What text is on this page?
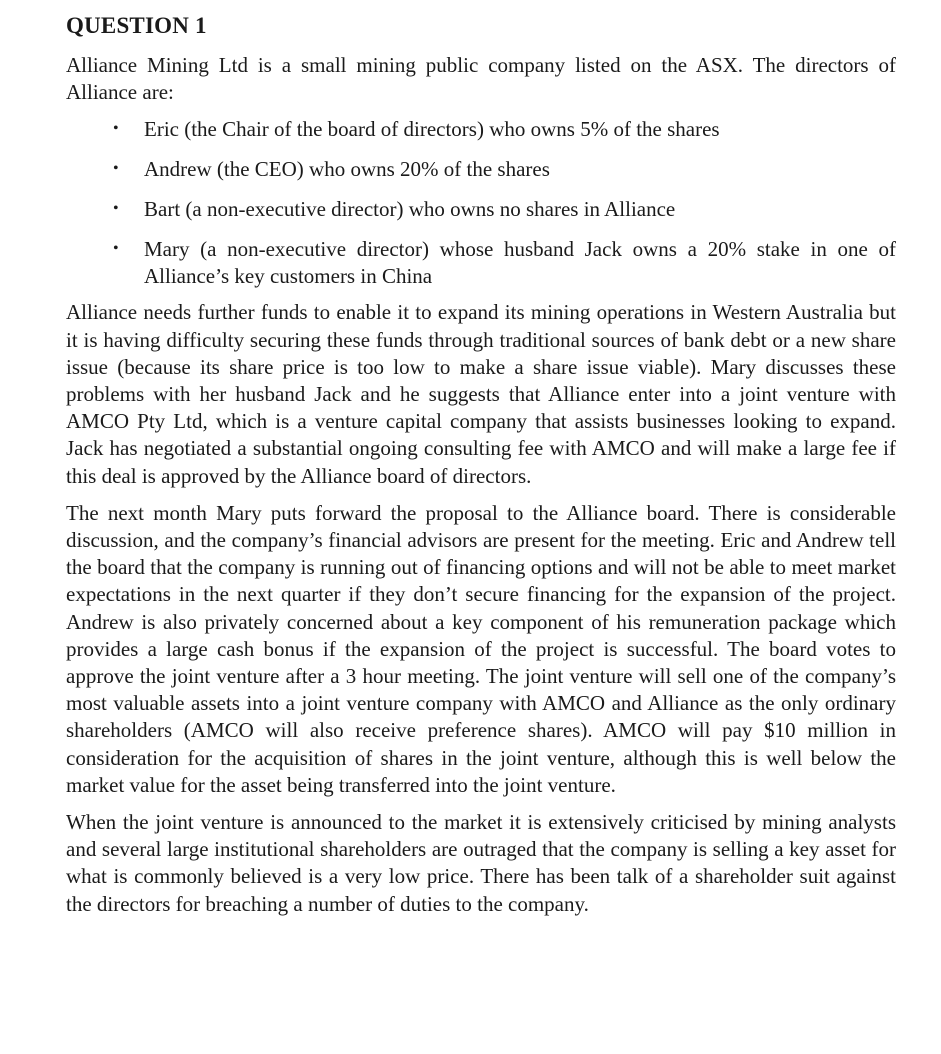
QUESTION 1

Alliance Mining Ltd is a small mining public company listed on the ASX. The directors of Alliance are:

• Eric (the Chair of the board of directors) who owns 5% of the shares
• Andrew (the CEO) who owns 20% of the shares
• Bart (a non-executive director) who owns no shares in Alliance
• Mary (a non-executive director) whose husband Jack owns a 20% stake in one of Alliance’s key customers in China

Alliance needs further funds to enable it to expand its mining operations in Western Australia but it is having difficulty securing these funds through traditional sources of bank debt or a new share issue (because its share price is too low to make a share issue viable). Mary discusses these problems with her husband Jack and he suggests that Alliance enter into a joint venture with AMCO Pty Ltd, which is a venture capital company that assists businesses looking to expand. Jack has negotiated a substantial ongoing consulting fee with AMCO and will make a large fee if this deal is approved by the Alliance board of directors.

The next month Mary puts forward the proposal to the Alliance board. There is considerable discussion, and the company’s financial advisors are present for the meeting. Eric and Andrew tell the board that the company is running out of financing options and will not be able to meet market expectations in the next quarter if they don’t secure financing for the expansion of the project. Andrew is also privately concerned about a key component of his remuneration package which provides a large cash bonus if the expansion of the project is successful. The board votes to approve the joint venture after a 3 hour meeting. The joint venture will sell one of the company’s most valuable assets into a joint venture company with AMCO and Alliance as the only ordinary shareholders (AMCO will also receive preference shares). AMCO will pay $10 million in consideration for the acquisition of shares in the joint venture, although this is well below the market value for the asset being transferred into the joint venture.

When the joint venture is announced to the market it is extensively criticised by mining analysts and several large institutional shareholders are outraged that the company is selling a key asset for what is commonly believed is a very low price. There has been talk of a shareholder suit against the directors for breaching a number of duties to the company.
